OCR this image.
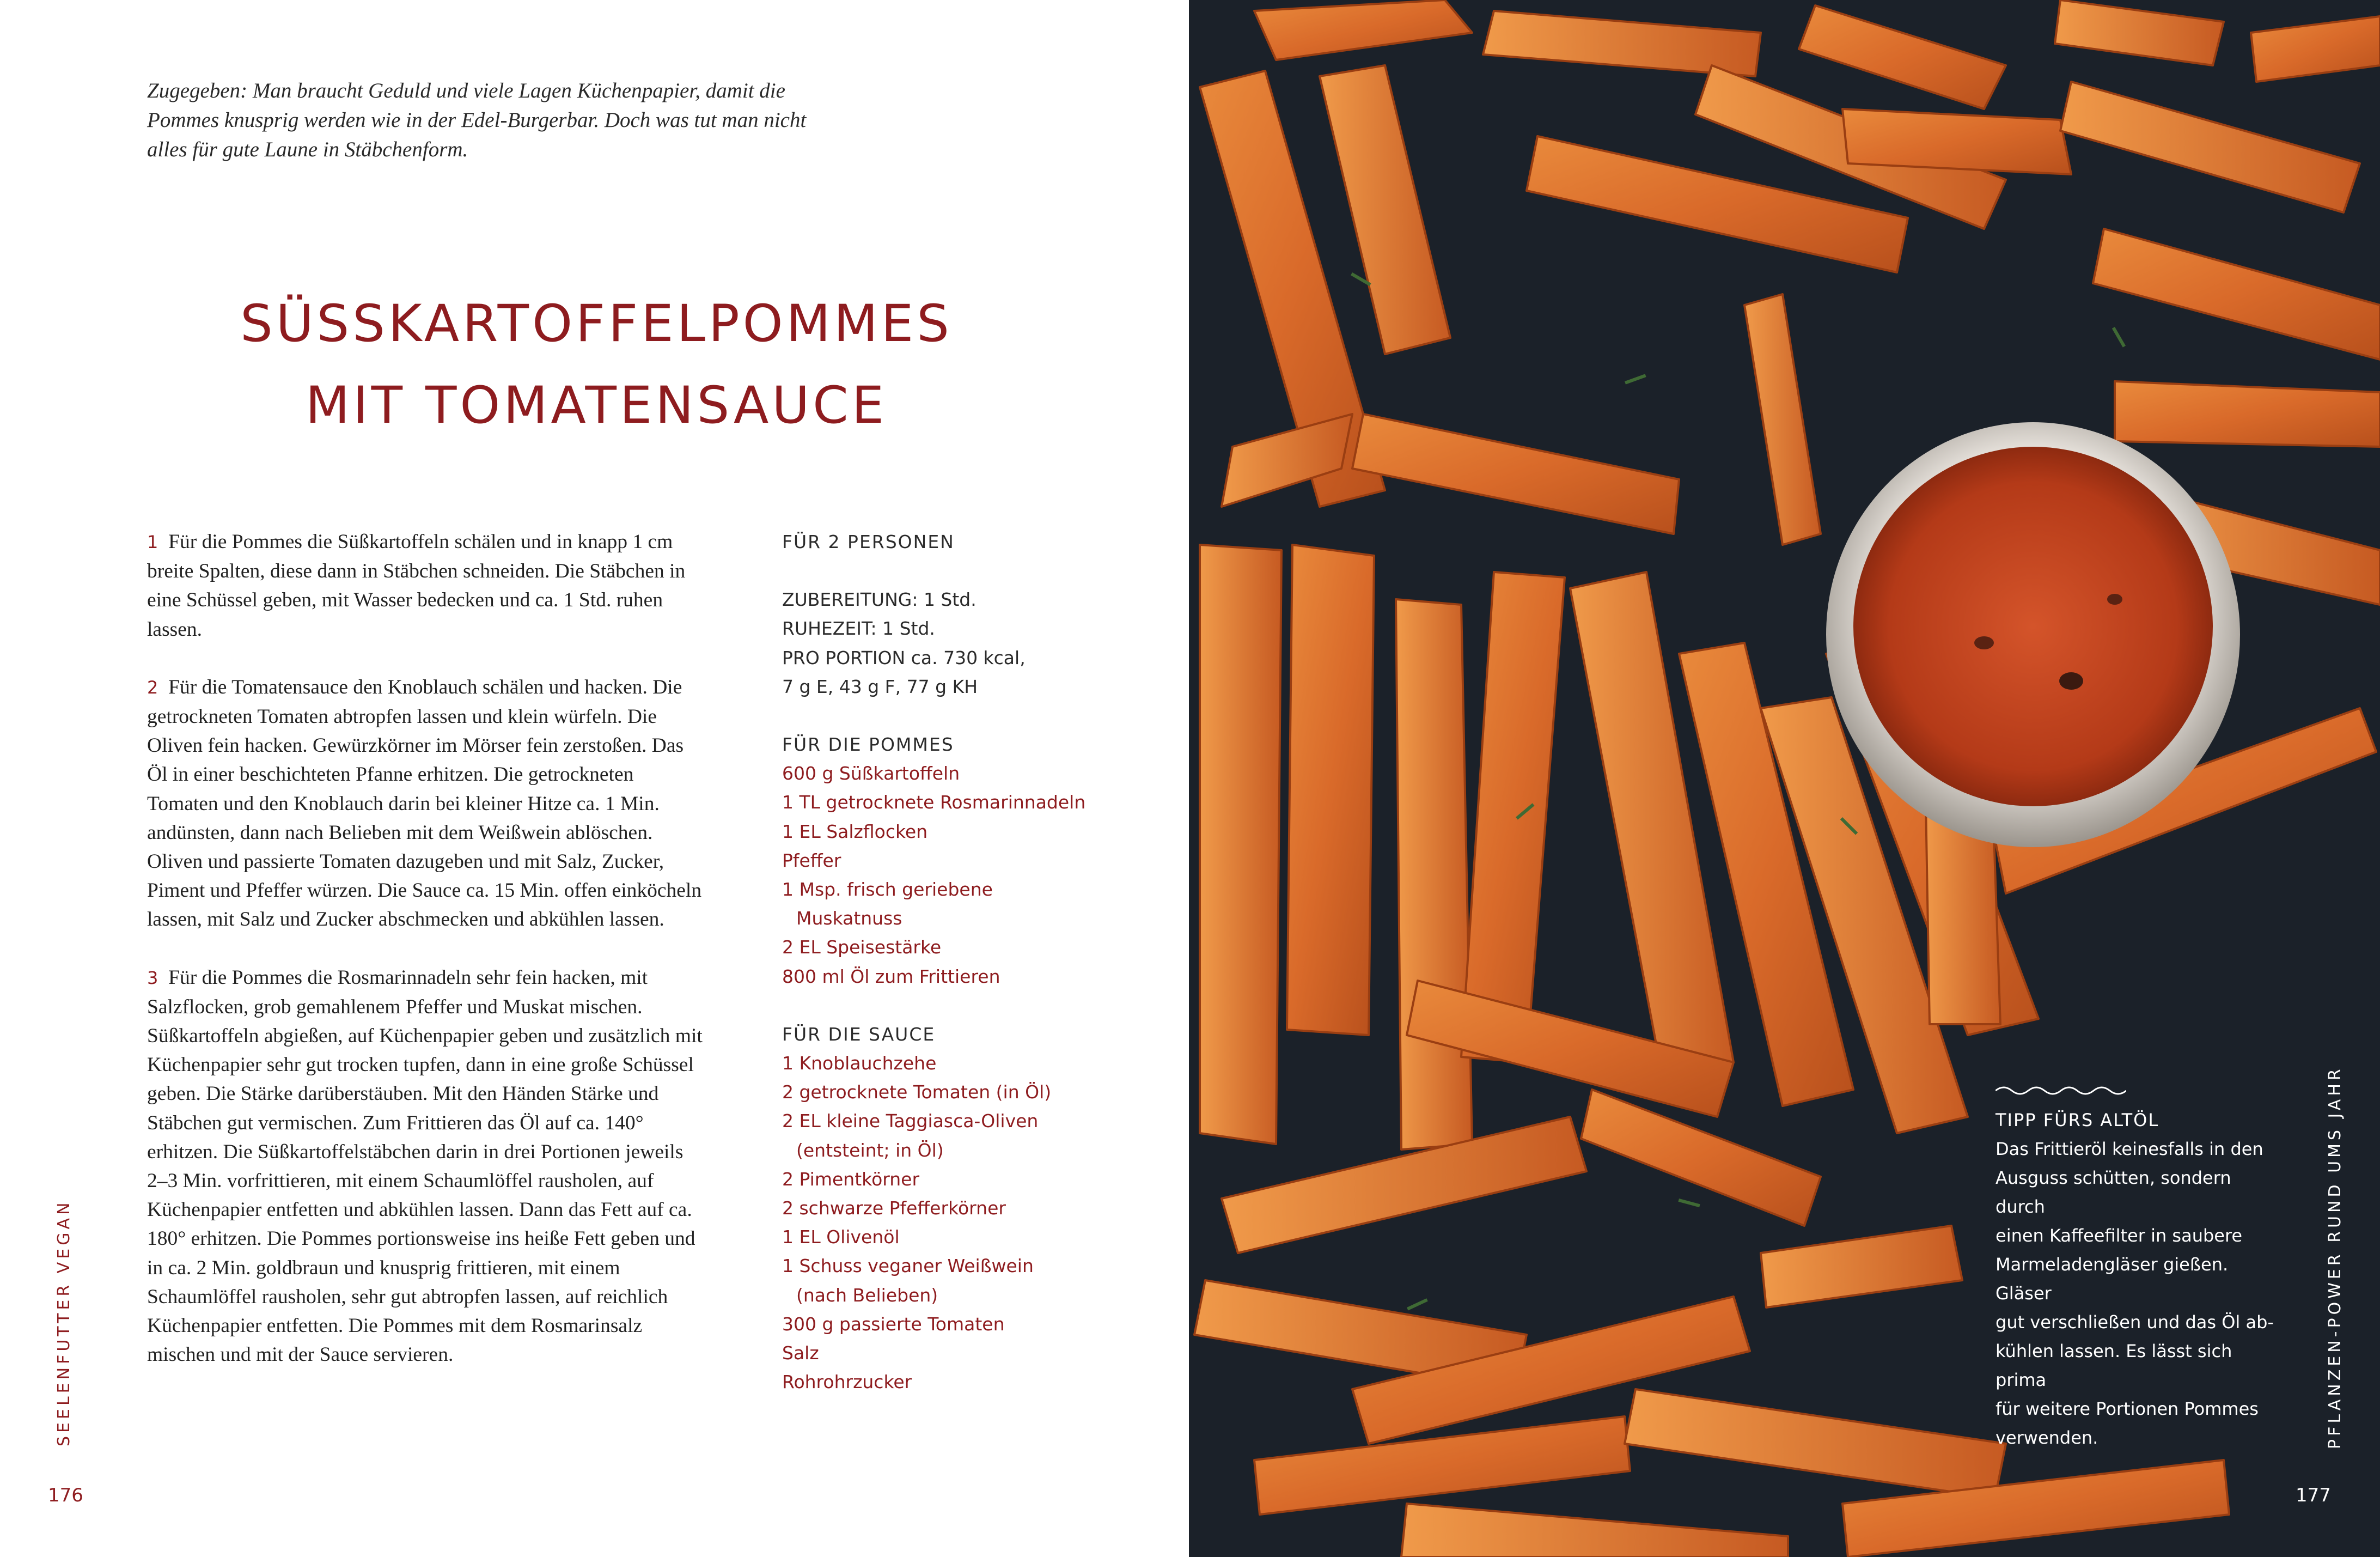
Zugegeben: Man braucht Geduld und viele Lagen Küchenpapier, damit die Pommes knusprig werden wie in der Edel-Burgerbar. Doch was tut man nicht alles für gute Laune in Stäbchenform.
SÜSSKARTOFFELPOMMES
MIT TOMATENSAUCE

1 Für die Pommes die Süßkartoffeln schälen und in knapp 1 cm breite Spalten, diese dann in Stäbchen schneiden. Die Stäbchen in eine Schüssel geben, mit Wasser bedecken und ca. 1 Std. ruhen lassen.

2 Für die Tomatensauce den Knoblauch schälen und hacken. Die getrockneten Tomaten abtropfen lassen und klein würfeln. Die Oliven fein hacken. Gewürzkörner im Mörser fein zerstoßen. Das Öl in einer beschichteten Pfanne erhitzen. Die getrockneten Tomaten und den Knoblauch darin bei kleiner Hitze ca. 1 Min. andünsten, dann nach Belieben mit dem Weißwein ablöschen. Oliven und passierte Tomaten dazugeben und mit Salz, Zucker, Piment und Pfeffer würzen. Die Sauce ca. 15 Min. offen einköcheln lassen, mit Salz und Zucker abschmecken und abkühlen lassen.

3 Für die Pommes die Rosmarinnadeln sehr fein hacken, mit Salzflocken, grob gemahlenem Pfeffer und Muskat mischen. Süßkartoffeln abgießen, auf Küchenpapier geben und zusätzlich mit Küchenpapier sehr gut trocken tupfen, dann in eine große Schüssel geben. Die Stärke darüberstäuben. Mit den Händen Stärke und Stäbchen gut vermischen. Zum Frittieren das Öl auf ca. 140° erhitzen. Die Süßkartoffelstäbchen darin in drei Portionen jeweils 2–3 Min. vorfrittieren, mit einem Schaumlöffel rausholen, auf Küchenpapier entfetten und abkühlen lassen. Dann das Fett auf ca. 180° erhitzen. Die Pommes portionsweise ins heiße Fett geben und in ca. 2 Min. goldbraun und knusprig frittieren, mit einem Schaumlöffel rausholen, sehr gut abtropfen lassen, auf reichlich Küchenpapier entfetten. Die Pommes mit dem Rosmarinsalz mischen und mit der Sauce servieren.

FÜR 2 PERSONEN
ZUBEREITUNG: 1 Std.
RUHEZEIT: 1 Std.
PRO PORTION ca. 730 kcal,
7 g E, 43 g F, 77 g KH
FÜR DIE POMMES
600 g Süßkartoffeln
1 TL getrocknete Rosmarinnadeln
1 EL Salzflocken
Pfeffer
1 Msp. frisch geriebene
Muskatnuss
2 EL Speisestärke
800 ml Öl zum Frittieren
FÜR DIE SAUCE
1 Knoblauchzehe
2 getrocknete Tomaten (in Öl)
2 EL kleine Taggiasca-Oliven
(entsteint; in Öl)
2 Pimentkörner
2 schwarze Pfefferkörner
1 EL Olivenöl
1 Schuss veganer Weißwein
(nach Belieben)
300 g passierte Tomaten
Salz
Rohrohrzucker
SEELENFUTTER VEGAN
176
TIPP FÜRS ALTÖL
Das Frittieröl keinesfalls in den
Ausguss schütten, sondern durch
einen Kaffeefilter in saubere
Marmeladengläser gießen. Gläser
gut verschließen und das Öl ab-
kühlen lassen. Es lässt sich prima
für weitere Portionen Pommes
verwenden.	PFLANZEN-POWER RUND UMS JAHR
177
